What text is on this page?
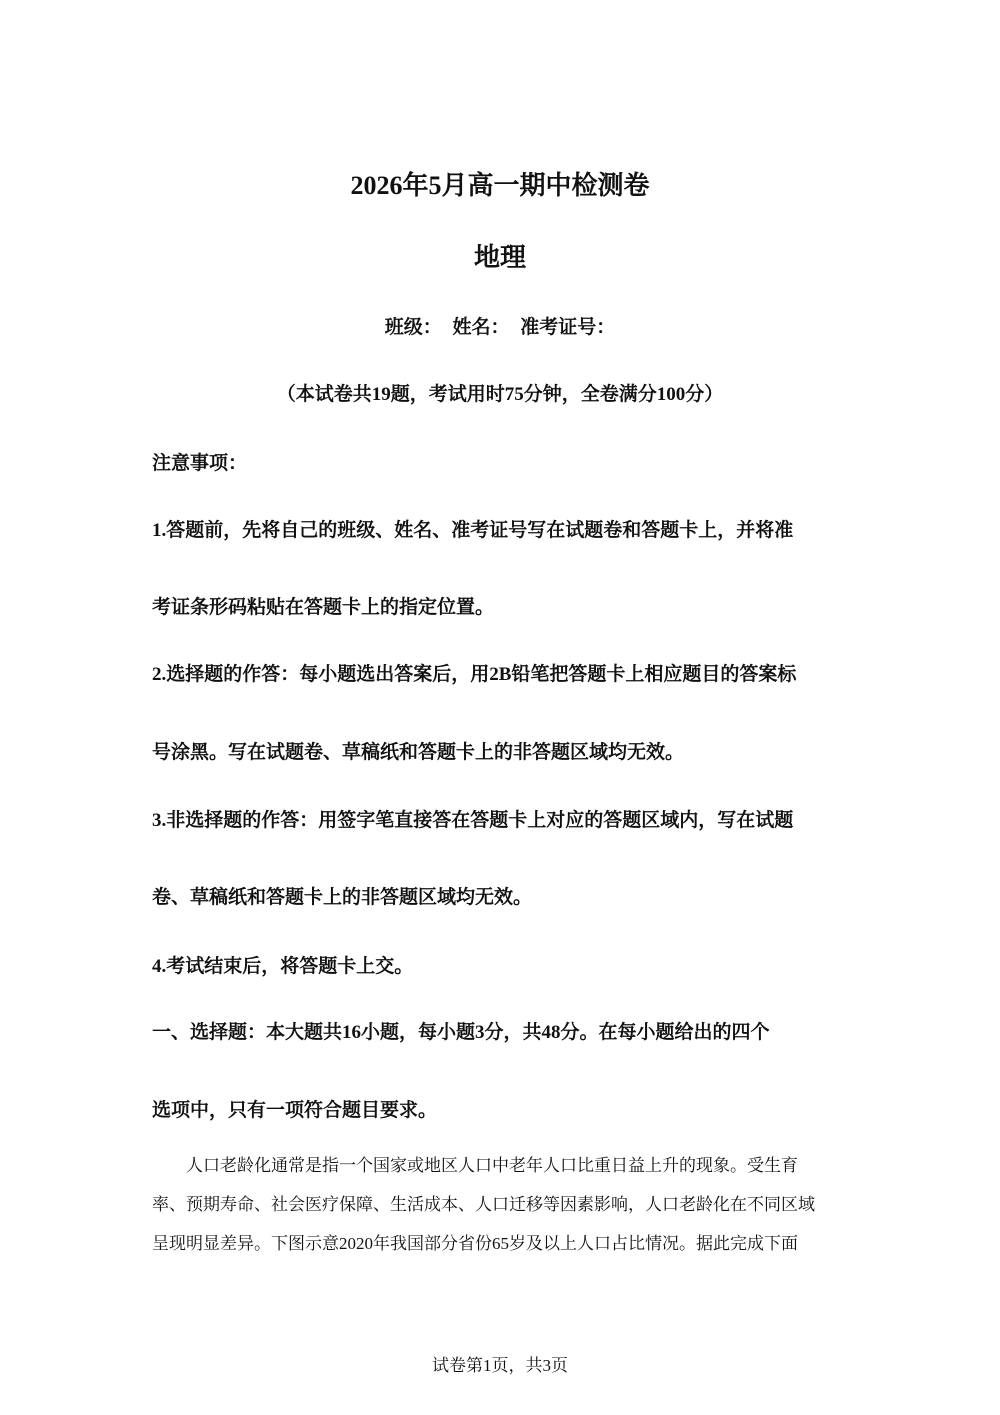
2026年5月高一期中检测卷
地理
班级： 姓名： 准考证号：
（本试卷共19题，考试用时75分钟，全卷满分100分）
注意事项：
1.答题前，先将自己的班级、姓名、准考证号写在试题卷和答题卡上，并将准
考证条形码粘贴在答题卡上的指定位置。
2.选择题的作答：每小题选出答案后，用2B铅笔把答题卡上相应题目的答案标
号涂黑。写在试题卷、草稿纸和答题卡上的非答题区域均无效。
3.非选择题的作答：用签字笔直接答在答题卡上对应的答题区域内，写在试题
卷、草稿纸和答题卡上的非答题区域均无效。
4.考试结束后，将答题卡上交。
一、选择题：本大题共16小题，每小题3分，共48分。在每小题给出的四个
选项中，只有一项符合题目要求。
　　人口老龄化通常是指一个国家或地区人口中老年人口比重日益上升的现象。受生育
率、预期寿命、社会医疗保障、生活成本、人口迁移等因素影响，人口老龄化在不同区域
呈现明显差异。下图示意2020年我国部分省份65岁及以上人口占比情况。据此完成下面
试卷第1页，共3页
